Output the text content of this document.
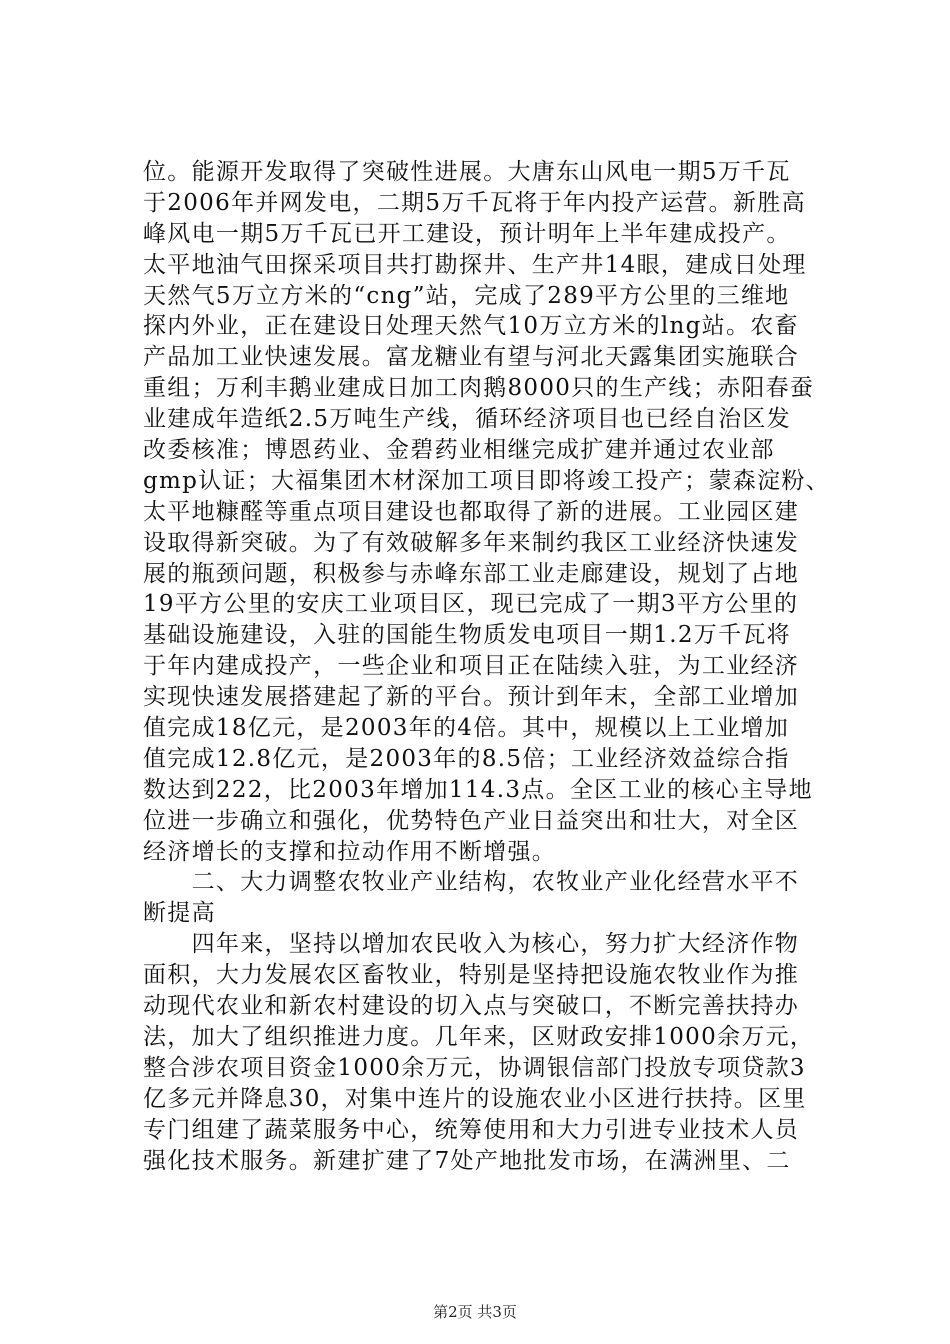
位。能源开发取得了突破性进展。大唐东山风电一期5万千瓦
于2006年并网发电，二期5万千瓦将于年内投产运营。新胜高
峰风电一期5万千瓦已开工建设，预计明年上半年建成投产。
太平地油气田探采项目共打勘探井、生产井14眼，建成日处理
天然气5万立方米的“cng”站，完成了289平方公里的三维地
探内外业，正在建设日处理天然气10万立方米的lng站。农畜
产品加工业快速发展。富龙糖业有望与河北天露集团实施联合
重组；万利丰鹅业建成日加工肉鹅8000只的生产线；赤阳春蚕
业建成年造纸2.5万吨生产线，循环经济项目也已经自治区发
改委核准；博恩药业、金碧药业相继完成扩建并通过农业部
gmp认证；大福集团木材深加工项目即将竣工投产；蒙森淀粉、
太平地糠醛等重点项目建设也都取得了新的进展。工业园区建
设取得新突破。为了有效破解多年来制约我区工业经济快速发
展的瓶颈问题，积极参与赤峰东部工业走廊建设，规划了占地
19平方公里的安庆工业项目区，现已完成了一期3平方公里的
基础设施建设，入驻的国能生物质发电项目一期1.2万千瓦将
于年内建成投产，一些企业和项目正在陆续入驻，为工业经济
实现快速发展搭建起了新的平台。预计到年末，全部工业增加
值完成18亿元，是2003年的4倍。其中，规模以上工业增加
值完成12.8亿元，是2003年的8.5倍；工业经济效益综合指
数达到222，比2003年增加114.3点。全区工业的核心主导地
位进一步确立和强化，优势特色产业日益突出和壮大，对全区
经济增长的支撑和拉动作用不断增强。
　　二、大力调整农牧业产业结构，农牧业产业化经营水平不
断提高
　　四年来，坚持以增加农民收入为核心，努力扩大经济作物
面积，大力发展农区畜牧业，特别是坚持把设施农牧业作为推
动现代农业和新农村建设的切入点与突破口，不断完善扶持办
法，加大了组织推进力度。几年来，区财政安排1000余万元，
整合涉农项目资金1000余万元，协调银信部门投放专项贷款3
亿多元并降息30，对集中连片的设施农业小区进行扶持。区里
专门组建了蔬菜服务中心，统筹使用和大力引进专业技术人员
强化技术服务。新建扩建了7处产地批发市场，在满洲里、二
第2页 共3页
